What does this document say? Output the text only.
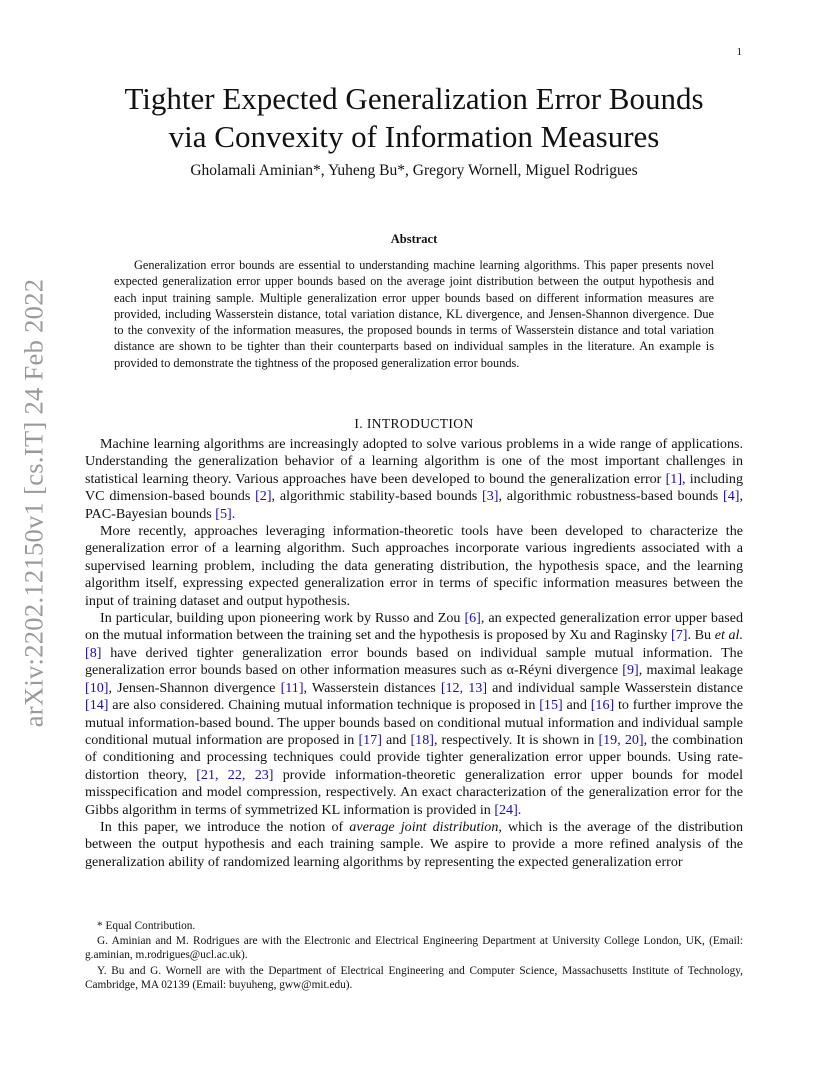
1
arXiv:2202.12150v1 [cs.IT] 24 Feb 2022
Tighter Expected Generalization Error Bounds
via Convexity of Information Measures
Gholamali Aminian*, Yuheng Bu*, Gregory Wornell, Miguel Rodrigues
Abstract

Generalization error bounds are essential to understanding machine learning algorithms. This paper presents novel expected generalization error upper bounds based on the average joint distribution between the output hypothesis and each input training sample. Multiple generalization error upper bounds based on different information measures are provided, including Wasserstein distance, total variation distance, KL divergence, and Jensen-Shannon divergence. Due to the convexity of the information measures, the proposed bounds in terms of Wasserstein distance and total variation distance are shown to be tighter than their counterparts based on individual samples in the literature. An example is provided to demonstrate the tightness of the proposed generalization error bounds.

I. INTRODUCTION

Machine learning algorithms are increasingly adopted to solve various problems in a wide range of applications. Understanding the generalization behavior of a learning algorithm is one of the most important challenges in statistical learning theory. Various approaches have been developed to bound the generalization error [1], including VC dimension-based bounds [2], algorithmic stability-based bounds [3], algorithmic robustness-based bounds [4], PAC-Bayesian bounds [5].

More recently, approaches leveraging information-theoretic tools have been developed to characterize the generalization error of a learning algorithm. Such approaches incorporate various ingredients associated with a supervised learning problem, including the data generating distribution, the hypothesis space, and the learning algorithm itself, expressing expected generalization error in terms of specific information measures between the input of training dataset and output hypothesis.

In particular, building upon pioneering work by Russo and Zou [6], an expected generalization error upper based on the mutual information between the training set and the hypothesis is proposed by Xu and Raginsky [7]. Bu et al. [8] have derived tighter generalization error bounds based on individual sample mutual information. The generalization error bounds based on other information measures such as α-Réyni divergence [9], maximal leakage [10], Jensen-Shannon divergence [11], Wasserstein distances [12, 13] and individual sample Wasserstein distance [14] are also considered. Chaining mutual information technique is proposed in [15] and [16] to further improve the mutual information-based bound. The upper bounds based on conditional mutual information and individual sample conditional mutual information are proposed in [17] and [18], respectively. It is shown in [19, 20], the combination of conditioning and processing techniques could provide tighter generalization error upper bounds. Using rate-distortion theory, [21, 22, 23] provide information-theoretic generalization error upper bounds for model misspecification and model compression, respectively. An exact characterization of the generalization error for the Gibbs algorithm in terms of symmetrized KL information is provided in [24].

In this paper, we introduce the notion of average joint distribution, which is the average of the distribution between the output hypothesis and each training sample. We aspire to provide a more refined analysis of the generalization ability of randomized learning algorithms by representing the expected generalization error

* Equal Contribution.

G. Aminian and M. Rodrigues are with the Electronic and Electrical Engineering Department at University College London, UK, (Email: g.aminian, m.rodrigues@ucl.ac.uk).

Y. Bu and G. Wornell are with the Department of Electrical Engineering and Computer Science, Massachusetts Institute of Technology, Cambridge, MA 02139 (Email: buyuheng, gww@mit.edu).
